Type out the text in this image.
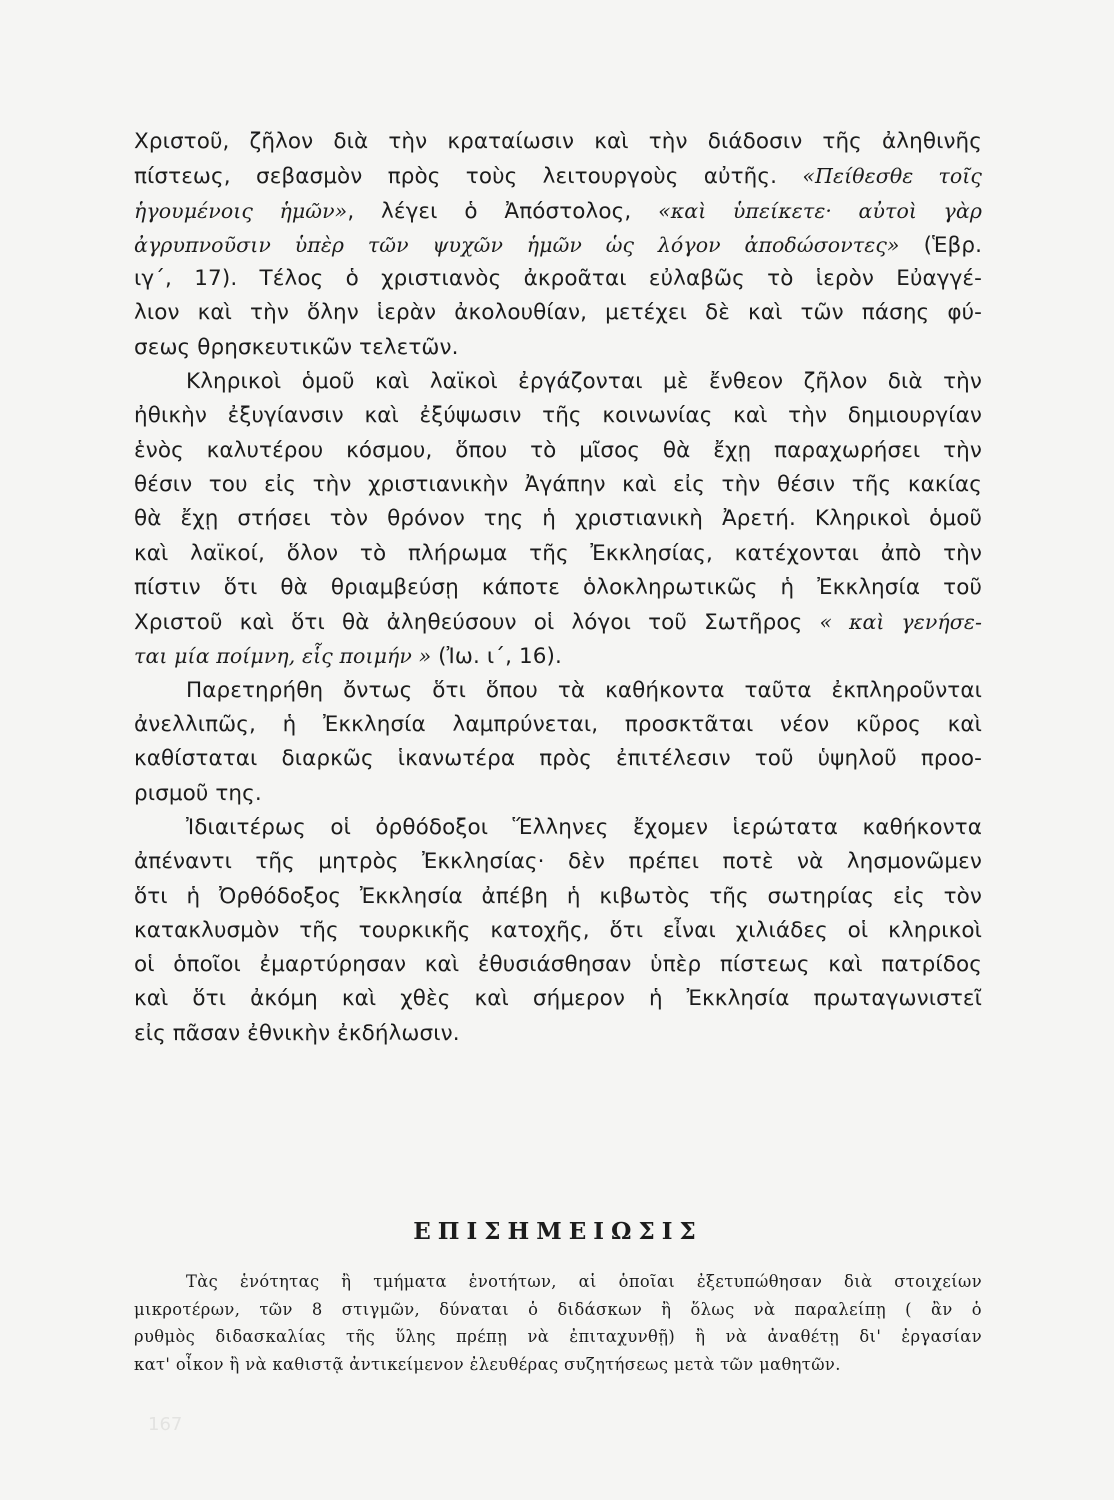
Χριστοῦ, ζῆλον διὰ τὴν κραταίωσιν καὶ τὴν διάδοσιν τῆς ἀληθινῆς
πίστεως, σεβασμὸν πρὸς τοὺς λειτουργοὺς αὐτῆς. «Πείθεσθε τοῖς
ἡγουμένοις ἡμῶν», λέγει ὁ Ἀπόστολος, «καὶ ὑπείκετε· αὐτοὶ γὰρ
ἀγρυπνοῦσιν ὑπὲρ τῶν ψυχῶν ἡμῶν ὡς λόγον ἀποδώσοντες» (Ἑβρ.
ιγ΄, 17). Τέλος ὁ χριστιανὸς ἀκροᾶται εὐλαβῶς τὸ ἱερὸν Εὐαγγέ-
λιον καὶ τὴν ὅλην ἱερὰν ἀκολουθίαν, μετέχει δὲ καὶ τῶν πάσης φύ-
σεως θρησκευτικῶν τελετῶν.
Κληρικοὶ ὁμοῦ καὶ λαϊκοὶ ἐργάζονται μὲ ἔνθεον ζῆλον διὰ τὴν
ἠθικὴν ἐξυγίανσιν καὶ ἐξύψωσιν τῆς κοινωνίας καὶ τὴν δημιουργίαν
ἑνὸς καλυτέρου κόσμου, ὅπου τὸ μῖσος θὰ ἔχῃ παραχωρήσει τὴν
θέσιν του εἰς τὴν χριστιανικὴν Ἀγάπην καὶ εἰς τὴν θέσιν τῆς κακίας
θὰ ἔχῃ στήσει τὸν θρόνον της ἡ χριστιανικὴ Ἀρετή. Κληρικοὶ ὁμοῦ
καὶ λαϊκοί, ὅλον τὸ πλήρωμα τῆς Ἐκκλησίας, κατέχονται ἀπὸ τὴν
πίστιν ὅτι θὰ θριαμβεύσῃ κάποτε ὁλοκληρωτικῶς ἡ Ἐκκλησία τοῦ
Χριστοῦ καὶ ὅτι θὰ ἀληθεύσουν οἱ λόγοι τοῦ Σωτῆρος « καὶ γενήσε-
ται μία ποίμνη, εἷς ποιμήν » (Ἰω. ι΄, 16).
Παρετηρήθη ὄντως ὅτι ὅπου τὰ καθήκοντα ταῦτα ἐκπληροῦνται
ἀνελλιπῶς, ἡ Ἐκκλησία λαμπρύνεται, προσκτᾶται νέον κῦρος καὶ
καθίσταται διαρκῶς ἱκανωτέρα πρὸς ἐπιτέλεσιν τοῦ ὑψηλοῦ προο-
ρισμοῦ της.
Ἰδιαιτέρως οἱ ὀρθόδοξοι Ἕλληνες ἔχομεν ἱερώτατα καθήκοντα
ἀπέναντι τῆς μητρὸς Ἐκκλησίας· δὲν πρέπει ποτὲ νὰ λησμονῶμεν
ὅτι ἡ Ὀρθόδοξος Ἐκκλησία ἀπέβη ἡ κιβωτὸς τῆς σωτηρίας εἰς τὸν
κατακλυσμὸν τῆς τουρκικῆς κατοχῆς, ὅτι εἶναι χιλιάδες οἱ κληρικοὶ
οἱ ὁποῖοι ἐμαρτύρησαν καὶ ἐθυσιάσθησαν ὑπὲρ πίστεως καὶ πατρίδος
καὶ ὅτι ἀκόμη καὶ χθὲς καὶ σήμερον ἡ Ἐκκλησία πρωταγωνιστεῖ
εἰς πᾶσαν ἐθνικὴν ἐκδήλωσιν.
ΕΠΙΣΗΜΕΙΩΣΙΣ
Τὰς ἑνότητας ἢ τμήματα ἑνοτήτων, αἱ ὁποῖαι ἐξετυπώθησαν διὰ στοιχείων
μικροτέρων, τῶν 8 στιγμῶν, δύναται ὁ διδάσκων ἢ ὅλως νὰ παραλείπῃ ( ἂν ὁ
ρυθμὸς διδασκαλίας τῆς ὕλης πρέπῃ νὰ ἐπιταχυνθῇ) ἢ νὰ ἀναθέτῃ δι' ἐργασίαν
κατ' οἶκον ἢ νὰ καθιστᾷ ἀντικείμενον ἐλευθέρας συζητήσεως μετὰ τῶν μαθητῶν.
167
